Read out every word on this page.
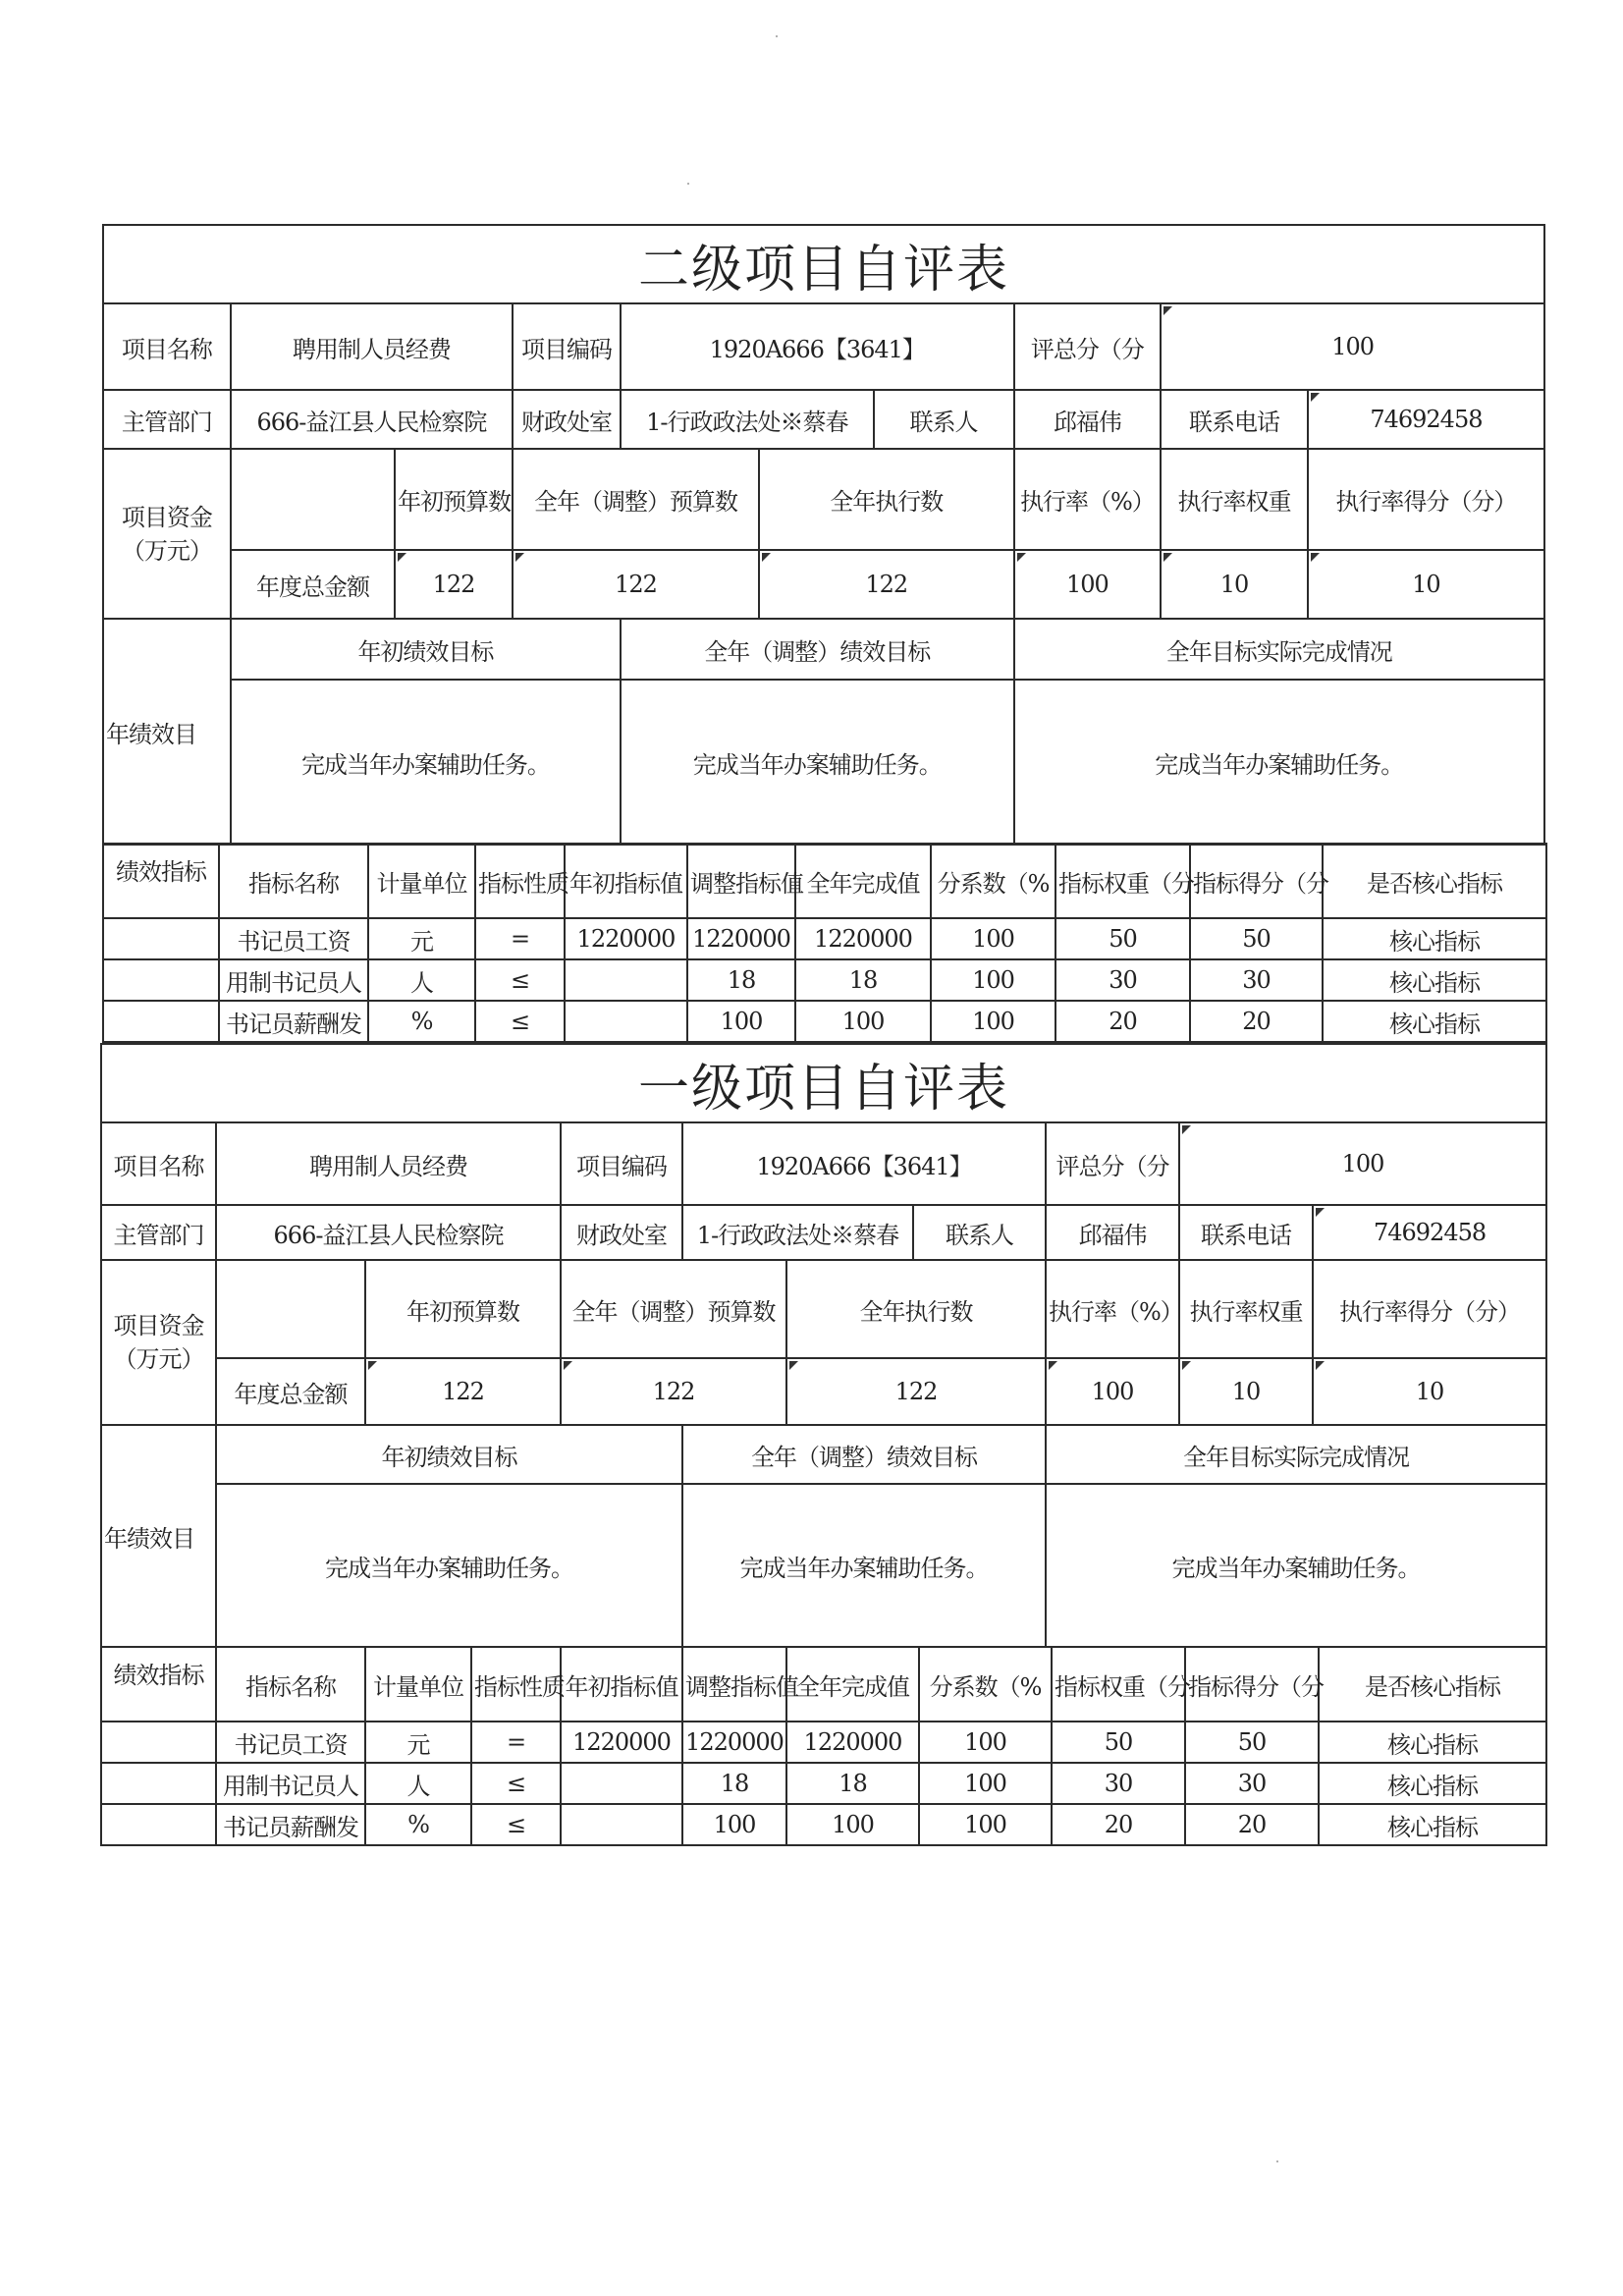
二级项目自评表									
项目名称	聘用制人员经费		项目编码	1920A666【3641】			评总分（分	100	
主管部门	666-益江县人民检察院		财政处室	1-行政政法处※蔡春		联系人	邱福伟	联系电话	74692458
项目资金（万元）		年初预算数	全年（调整）预算数		全年执行数		执行率（%）	执行率权重	执行率得分（分）
	年度总金额	122	122		122		100	10	10
年绩效目	年初绩效目标			全年（调整）绩效目标			全年目标实际完成情况		
	完成当年办案辅助任务。			完成当年办案辅助任务。			完成当年办案辅助任务。		
绩效指标	指标名称	计量单位	指标性质	年初指标值	调整指标值	全年完成值	分系数（%	指标权重（分	指标得分（分	是否核心指标
	书记员工资	元	=	1220000	1220000	1220000	100	50	50	核心指标
	用制书记员人	人	≤		18	18	100	30	30	核心指标
	书记员薪酬发	%	≤		100	100	100	20	20	核心指标
一级项目自评表									
项目名称	聘用制人员经费		项目编码	1920A666【3641】			评总分（分	100	
主管部门	666-益江县人民检察院		财政处室	1-行政政法处※蔡春		联系人	邱福伟	联系电话	74692458
项目资金（万元）		年初预算数	全年（调整）预算数		全年执行数		执行率（%）	执行率权重	执行率得分（分）
	年度总金额	122	122		122		100	10	10
年绩效目	年初绩效目标			全年（调整）绩效目标			全年目标实际完成情况		
	完成当年办案辅助任务。			完成当年办案辅助任务。			完成当年办案辅助任务。		
绩效指标	指标名称	计量单位	指标性质	年初指标值	调整指标值	全年完成值	分系数（%	指标权重（分	指标得分（分	是否核心指标
	书记员工资	元	=	1220000	1220000	1220000	100	50	50	核心指标
	用制书记员人	人	≤		18	18	100	30	30	核心指标
	书记员薪酬发	%	≤		100	100	100	20	20	核心指标
